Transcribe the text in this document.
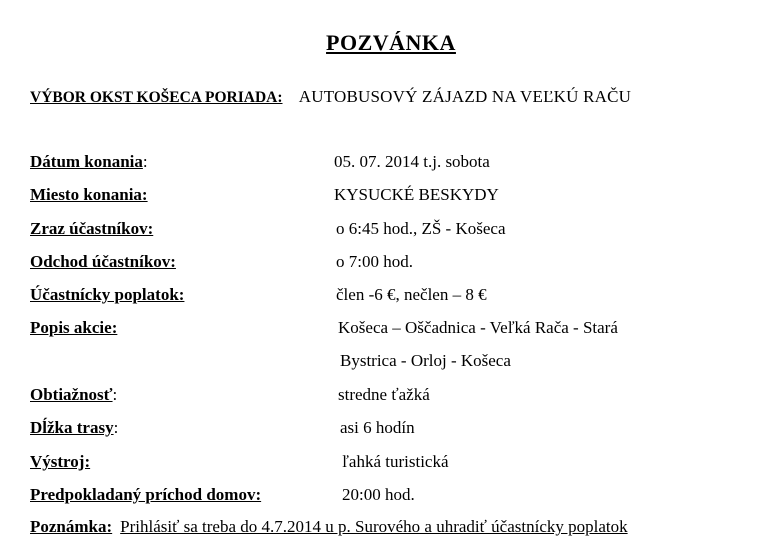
POZVÁNKA
VÝBOR OKST KOŠECA PORIADA: AUTOBUSOVÝ ZÁJAZD NA VEĽKÚ RAČU
Dátum konania:	05. 07. 2014 t.j. sobota
Miesto konania:	KYSUCKÉ BESKYDY
Zraz účastníkov:	o 6:45 hod., ZŠ - Košeca
Odchod účastníkov:	o 7:00 hod.
Účastnícky poplatok:	člen -6 €, nečlen – 8 €
Popis akcie:	Košeca – Oščadnica - Veľká Rača - Stará
Bystrica - Orloj - Košeca
Obtiažnosť:	stredne ťažká
Dĺžka trasy:	asi 6 hodín
Výstroj:	ľahká turistická
Predpokladaný príchod domov:	20:00 hod.
Poznámka: Prihlásiť sa treba do 4.7.2014 u p. Surového a uhradiť účastnícky poplatok
